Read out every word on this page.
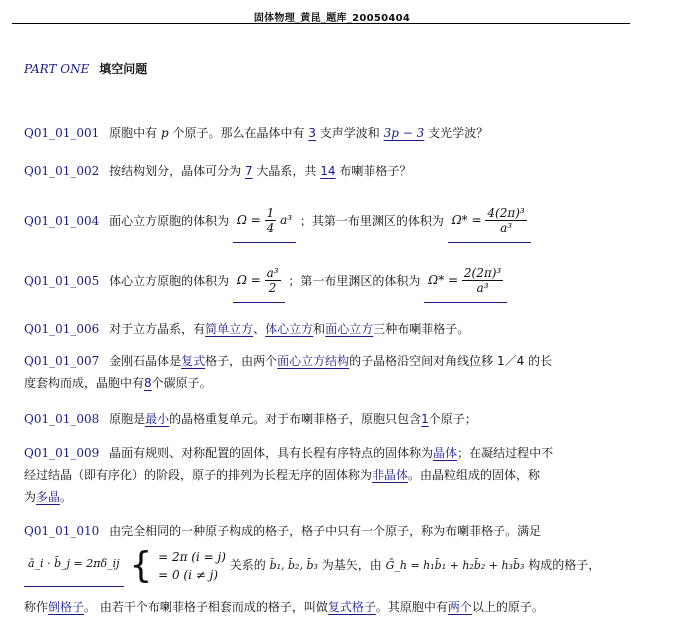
固体物理_黄昆_题库_20050404
PART ONE 填空问题
Q01_01_001 原胞中有 p 个原子。那么在晶体中有 3 支声学波和 3p − 3 支光学波？
Q01_01_002 按结构划分，晶体可分为 7 大晶系，共 14 布喇菲格子？
Q01_01_004 面心立方原胞的体积为 $\Omega = \frac{1}{4} a^3$ ；其第一布里渊区的体积为 $\Omega* = \frac{\text{4(2π)³}}{\text{a³}}$
Q01_01_005 体心立方原胞的体积为 $\Omega = \frac{\text{a³}}{2}$ ；第一布里渊区的体积为 $\Omega* = \frac{\text{2(2π)³}}{\text{a³}}$
Q01_01_006 对于立方晶系，有简单立方、体心立方和面心立方三种布喇菲格子。
Q01_01_007 金刚石晶体是复式格子，由两个面心立方结构的子晶格沿空间对角线位移 1／4 的长
度套构而成，晶胞中有8个碳原子。
Q01_01_008 原胞是最小的晶格重复单元。对于布喇菲格子，原胞只包含1个原子；
Q01_01_009 晶面有规则、对称配置的固体，具有长程有序特点的固体称为晶体；在凝结过程中不
经过结晶（即有序化）的阶段，原子的排列为长程无序的固体称为非晶体。由晶粒组成的固体，称
为多晶。
Q01_01_010 由完全相同的一种原子构成的格子，格子中只有一个原子，称为布喇菲格子。满足
ā_i · b̄_j = 2πδ_ij { = 2π (i = j)
= 0 (i ≠ j)
关系的 b̄₁, b̄₂, b̄₃ 为基矢，由 Ḡ_h = h₁b̄₁ + h₂b̄₂ + h₃b̄₃ 构成的格子，
称作倒格子。 由若干个布喇菲格子相套而成的格子，叫做复式格子。其原胞中有两个以上的原子。
